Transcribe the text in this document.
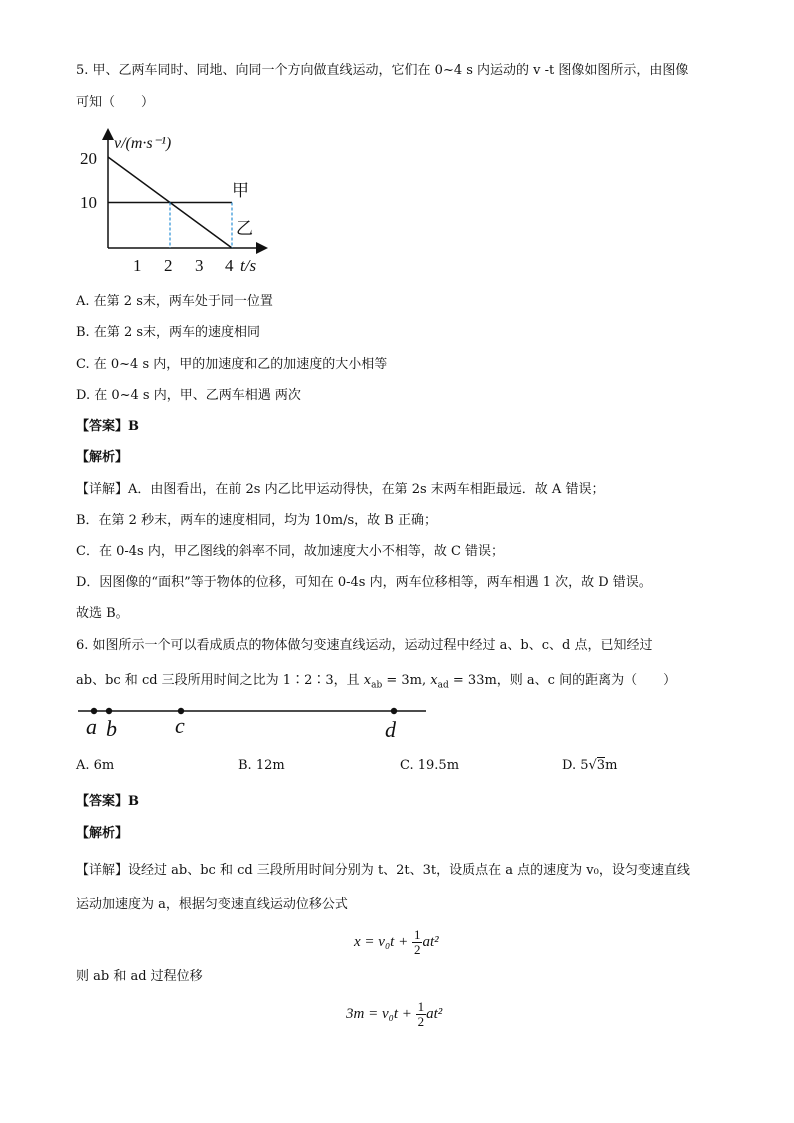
5. 甲、乙两车同时、同地、向同一个方向做直线运动，它们在 0~4 s 内运动的 v -t 图像如图所示，由图像
可知（　　）
v/(m·s⁻¹)
20
10
1 2 3 4 t/s
甲
乙
A. 在第 2 s末，两车处于同一位置
B. 在第 2 s末，两车的速度相同
C. 在 0~4 s 内，甲的加速度和乙的加速度的大小相等
D. 在 0~4 s 内，甲、乙两车相遇 两次
【答案】B
【解析】
【详解】A．由图看出，在前 2s 内乙比甲运动得快，在第 2s 末两车相距最远．故 A 错误；
B．在第 2 秒末，两车的速度相同，均为 10m/s，故 B 正确；
C．在 0-4s 内，甲乙图线的斜率不同，故加速度大小不相等，故 C 错误；
D．因图像的“面积”等于物体的位移，可知在 0-4s 内，两车位移相等，两车相遇 1 次，故 D 错误。
故选 B。
6. 如图所示一个可以看成质点的物体做匀变速直线运动，运动过程中经过 a、b、c、d 点，已知经过
ab、bc 和 cd 三段所用时间之比为 1∶2∶3，且 $x_{ab} = 3m$, $x_{ad} = 33m$，则 a、c 间的距离为（　　）
a b	c	d
A. 6m	B. 12m	C. 19.5m	D. 5√3m
【答案】B
【解析】
【详解】设经过 ab、bc 和 cd 三段所用时间分别为 t、2t、3t，设质点在 a 点的速度为 v₀，设匀变速直线
运动加速度为 a，根据匀变速直线运动位移公式
$x = v_0t + \frac{1}{2} at^2$
则 ab 和 ad 过程位移
$3m = v_0t + \frac{1}{2} at^2$
